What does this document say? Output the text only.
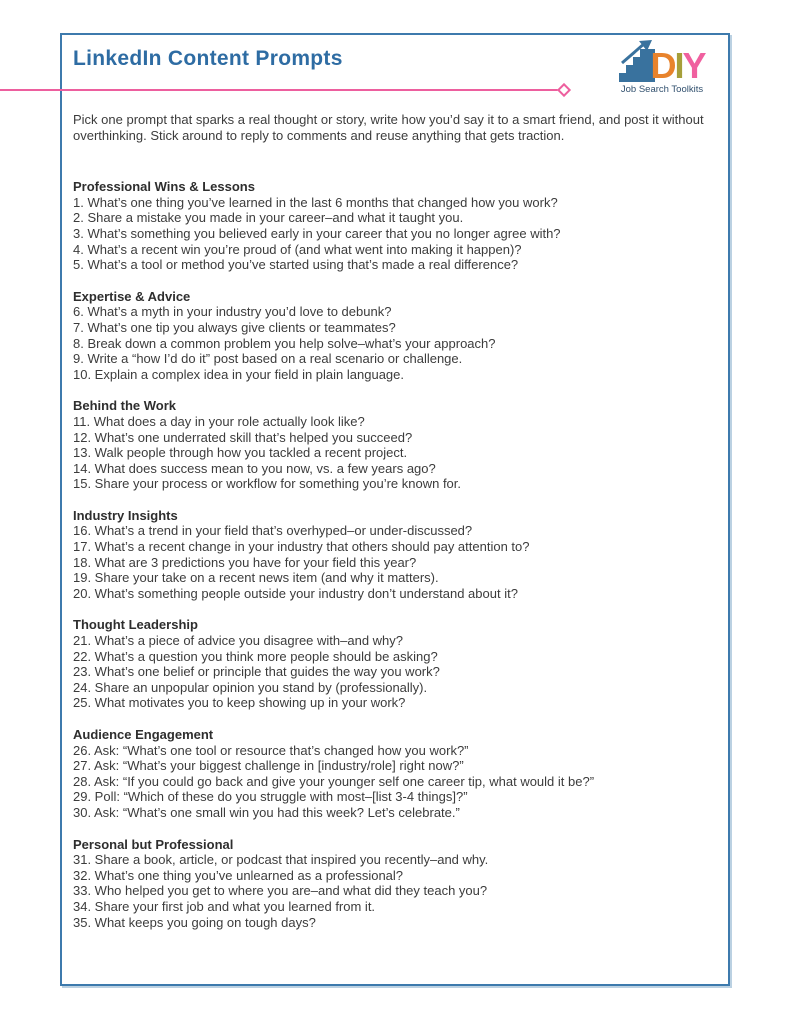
LinkedIn Content Prompts	DIY
Job Search Toolkits

Pick one prompt that sparks a real thought or story, write how you’d say it to a smart friend, and post it without overthinking. Stick around to reply to comments and reuse anything that gets traction.

Professional Wins & Lessons

1. What’s one thing you’ve learned in the last 6 months that changed how you work?

2. Share a mistake you made in your career–and what it taught you.

3. What’s something you believed early in your career that you no longer agree with?

4. What’s a recent win you’re proud of (and what went into making it happen)?

5. What’s a tool or method you’ve started using that’s made a real difference?

Expertise & Advice

6. What’s a myth in your industry you’d love to debunk?

7. What’s one tip you always give clients or teammates?

8. Break down a common problem you help solve–what’s your approach?

9. Write a “how I’d do it” post based on a real scenario or challenge.

10. Explain a complex idea in your field in plain language.

Behind the Work

11. What does a day in your role actually look like?

12. What’s one underrated skill that’s helped you succeed?

13. Walk people through how you tackled a recent project.

14. What does success mean to you now, vs. a few years ago?

15. Share your process or workflow for something you’re known for.

Industry Insights

16. What’s a trend in your field that’s overhyped–or under-discussed?

17. What’s a recent change in your industry that others should pay attention to?

18. What are 3 predictions you have for your field this year?

19. Share your take on a recent news item (and why it matters).

20. What’s something people outside your industry don’t understand about it?

Thought Leadership

21. What’s a piece of advice you disagree with–and why?

22. What’s a question you think more people should be asking?

23. What’s one belief or principle that guides the way you work?

24. Share an unpopular opinion you stand by (professionally).

25. What motivates you to keep showing up in your work?

Audience Engagement

26. Ask: “What’s one tool or resource that’s changed how you work?”

27. Ask: “What’s your biggest challenge in [industry/role] right now?”

28. Ask: “If you could go back and give your younger self one career tip, what would it be?”

29. Poll: “Which of these do you struggle with most–[list 3-4 things]?”

30. Ask: “What’s one small win you had this week? Let’s celebrate.”

Personal but Professional

31. Share a book, article, or podcast that inspired you recently–and why.

32. What’s one thing you’ve unlearned as a professional?

33. Who helped you get to where you are–and what did they teach you?

34. Share your first job and what you learned from it.

35. What keeps you going on tough days?
